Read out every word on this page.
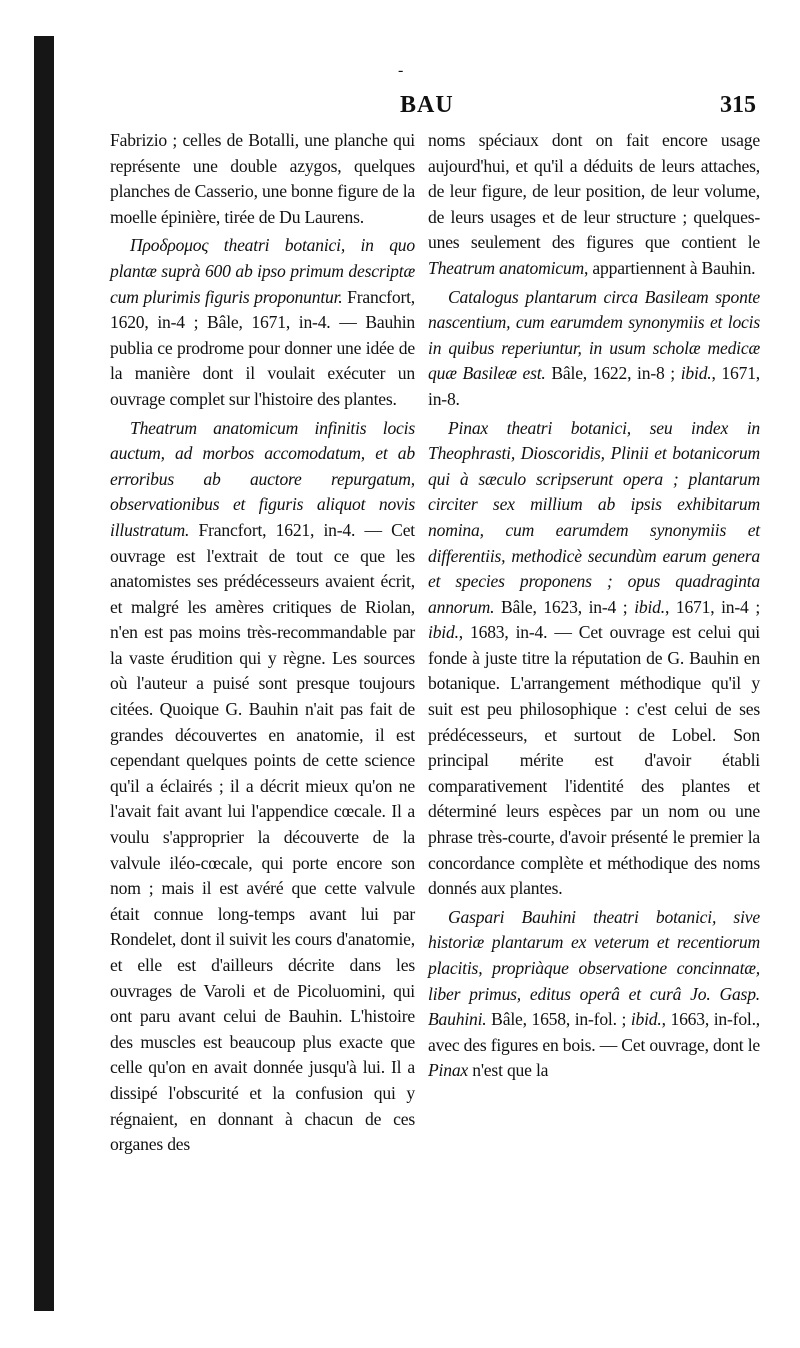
-
BAU	315

Fabrizio ; celles de Botalli, une planche qui représente une double azygos, quelques planches de Casserio, une bonne figure de la moelle épinière, tirée de Du Laurens.

Προδρομος theatri botanici, in quo plantæ suprà 600 ab ipso primum descriptæ cum plurimis figuris proponuntur. Francfort, 1620, in-4 ; Bâle, 1671, in-4. — Bauhin publia ce prodrome pour donner une idée de la manière dont il voulait exécuter un ouvrage complet sur l'histoire des plantes.

Theatrum anatomicum infinitis locis auctum, ad morbos accomodatum, et ab erroribus ab auctore repurgatum, observationibus et figuris aliquot novis illustratum. Francfort, 1621, in-4. — Cet ouvrage est l'extrait de tout ce que les anatomistes ses prédécesseurs avaient écrit, et malgré les amères critiques de Riolan, n'en est pas moins très-recommandable par la vaste érudition qui y règne. Les sources où l'auteur a puisé sont presque toujours citées. Quoique G. Bauhin n'ait pas fait de grandes découvertes en anatomie, il est cependant quelques points de cette science qu'il a éclairés ; il a décrit mieux qu'on ne l'avait fait avant lui l'appendice cœcale. Il a voulu s'approprier la découverte de la valvule iléo-cœcale, qui porte encore son nom ; mais il est avéré que cette valvule était connue long-temps avant lui par Rondelet, dont il suivit les cours d'anatomie, et elle est d'ailleurs décrite dans les ouvrages de Varoli et de Picoluomini, qui ont paru avant celui de Bauhin. L'histoire des muscles est beaucoup plus exacte que celle qu'on en avait donnée jusqu'à lui. Il a dissipé l'obscurité et la confusion qui y régnaient, en donnant à chacun de ces organes des

noms spéciaux dont on fait encore usage aujourd'hui, et qu'il a déduits de leurs attaches, de leur figure, de leur position, de leur volume, de leurs usages et de leur structure ; quelques-unes seulement des figures que contient le Theatrum anatomicum, appartiennent à Bauhin.

Catalogus plantarum circa Basileam sponte nascentium, cum earumdem synonymiis et locis in quibus reperiuntur, in usum scholæ medicæ quæ Basileæ est. Bâle, 1622, in-8 ; ibid., 1671, in-8.

Pinax theatri botanici, seu index in Theophrasti, Dioscoridis, Plinii et botanicorum qui à sæculo scripserunt opera ; plantarum circiter sex millium ab ipsis exhibitarum nomina, cum earumdem synonymiis et differentiis, methodicè secundùm earum genera et species proponens ; opus quadraginta annorum. Bâle, 1623, in-4 ; ibid., 1671, in-4 ; ibid., 1683, in-4. — Cet ouvrage est celui qui fonde à juste titre la réputation de G. Bauhin en botanique. L'arrangement méthodique qu'il y suit est peu philosophique : c'est celui de ses prédécesseurs, et surtout de Lobel. Son principal mérite est d'avoir établi comparativement l'identité des plantes et déterminé leurs espèces par un nom ou une phrase très-courte, d'avoir présenté le premier la concordance complète et méthodique des noms donnés aux plantes.

Gaspari Bauhini theatri botanici, sive historiæ plantarum ex veterum et recentiorum placitis, propriàque observatione concinnatæ, liber primus, editus operâ et curâ Jo. Gasp. Bauhini. Bâle, 1658, in-fol. ; ibid., 1663, in-fol., avec des figures en bois. — Cet ouvrage, dont le Pinax n'est que la
